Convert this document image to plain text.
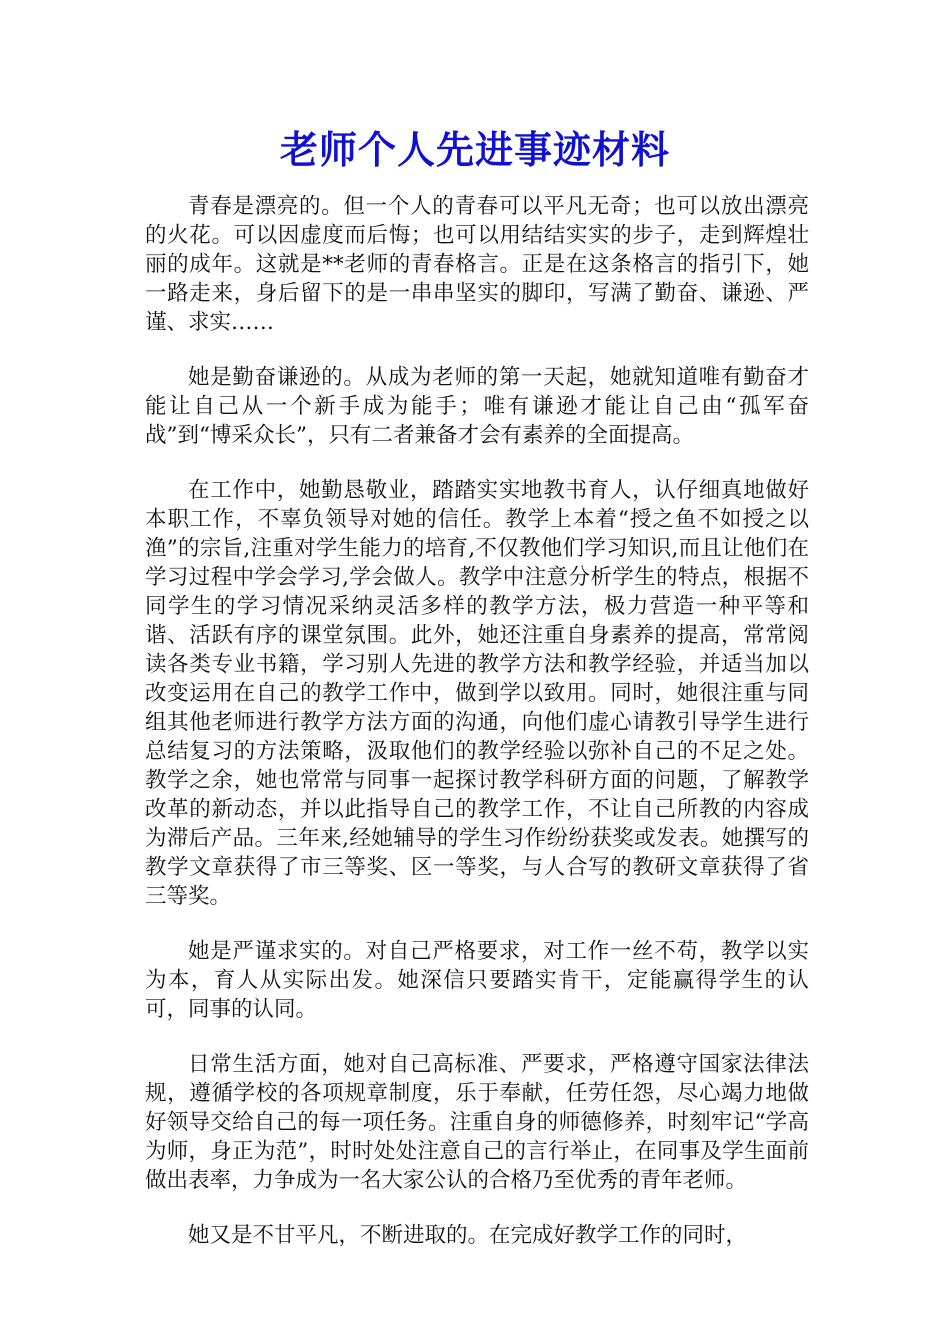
老师个人先进事迹材料

青春是漂亮的。但一个人的青春可以平凡无奇；也可以放出漂亮的火花。可以因虚度而后悔；也可以用结结实实的步子，走到辉煌壮丽的成年。这就是**老师的青春格言。正是在这条格言的指引下，她一路走来，身后留下的是一串串坚实的脚印，写满了勤奋、谦逊、严谨、求实……

她是勤奋谦逊的。从成为老师的第一天起，她就知道唯有勤奋才能让自己从一个新手成为能手；唯有谦逊才能让自己由“孤军奋战”到“博采众长”，只有二者兼备才会有素养的全面提高。

在工作中，她勤恳敬业，踏踏实实地教书育人，认仔细真地做好本职工作，不辜负领导对她的信任。教学上本着“授之鱼不如授之以渔”的宗旨,注重对学生能力的培育,不仅教他们学习知识,而且让他们在学习过程中学会学习,学会做人。教学中注意分析学生的特点，根据不同学生的学习情况采纳灵活多样的教学方法，极力营造一种平等和谐、活跃有序的课堂氛围。此外，她还注重自身素养的提高，常常阅读各类专业书籍，学习别人先进的教学方法和教学经验，并适当加以改变运用在自己的教学工作中，做到学以致用。同时，她很注重与同组其他老师进行教学方法方面的沟通，向他们虚心请教引导学生进行总结复习的方法策略，汲取他们的教学经验以弥补自己的不足之处。教学之余，她也常常与同事一起探讨教学科研方面的问题，了解教学改革的新动态，并以此指导自己的教学工作，不让自己所教的内容成为滞后产品。三年来,经她辅导的学生习作纷纷获奖或发表。她撰写的教学文章获得了市三等奖、区一等奖，与人合写的教研文章获得了省三等奖。

她是严谨求实的。对自己严格要求，对工作一丝不苟，教学以实为本，育人从实际出发。她深信只要踏实肯干，定能赢得学生的认可，同事的认同。

日常生活方面，她对自己高标准、严要求，严格遵守国家法律法规，遵循学校的各项规章制度，乐于奉献，任劳任怨，尽心竭力地做好领导交给自己的每一项任务。注重自身的师德修养，时刻牢记“学高为师，身正为范”，时时处处注意自己的言行举止，在同事及学生面前做出表率，力争成为一名大家公认的合格乃至优秀的青年老师。

她又是不甘平凡，不断进取的。在完成好教学工作的同时，
